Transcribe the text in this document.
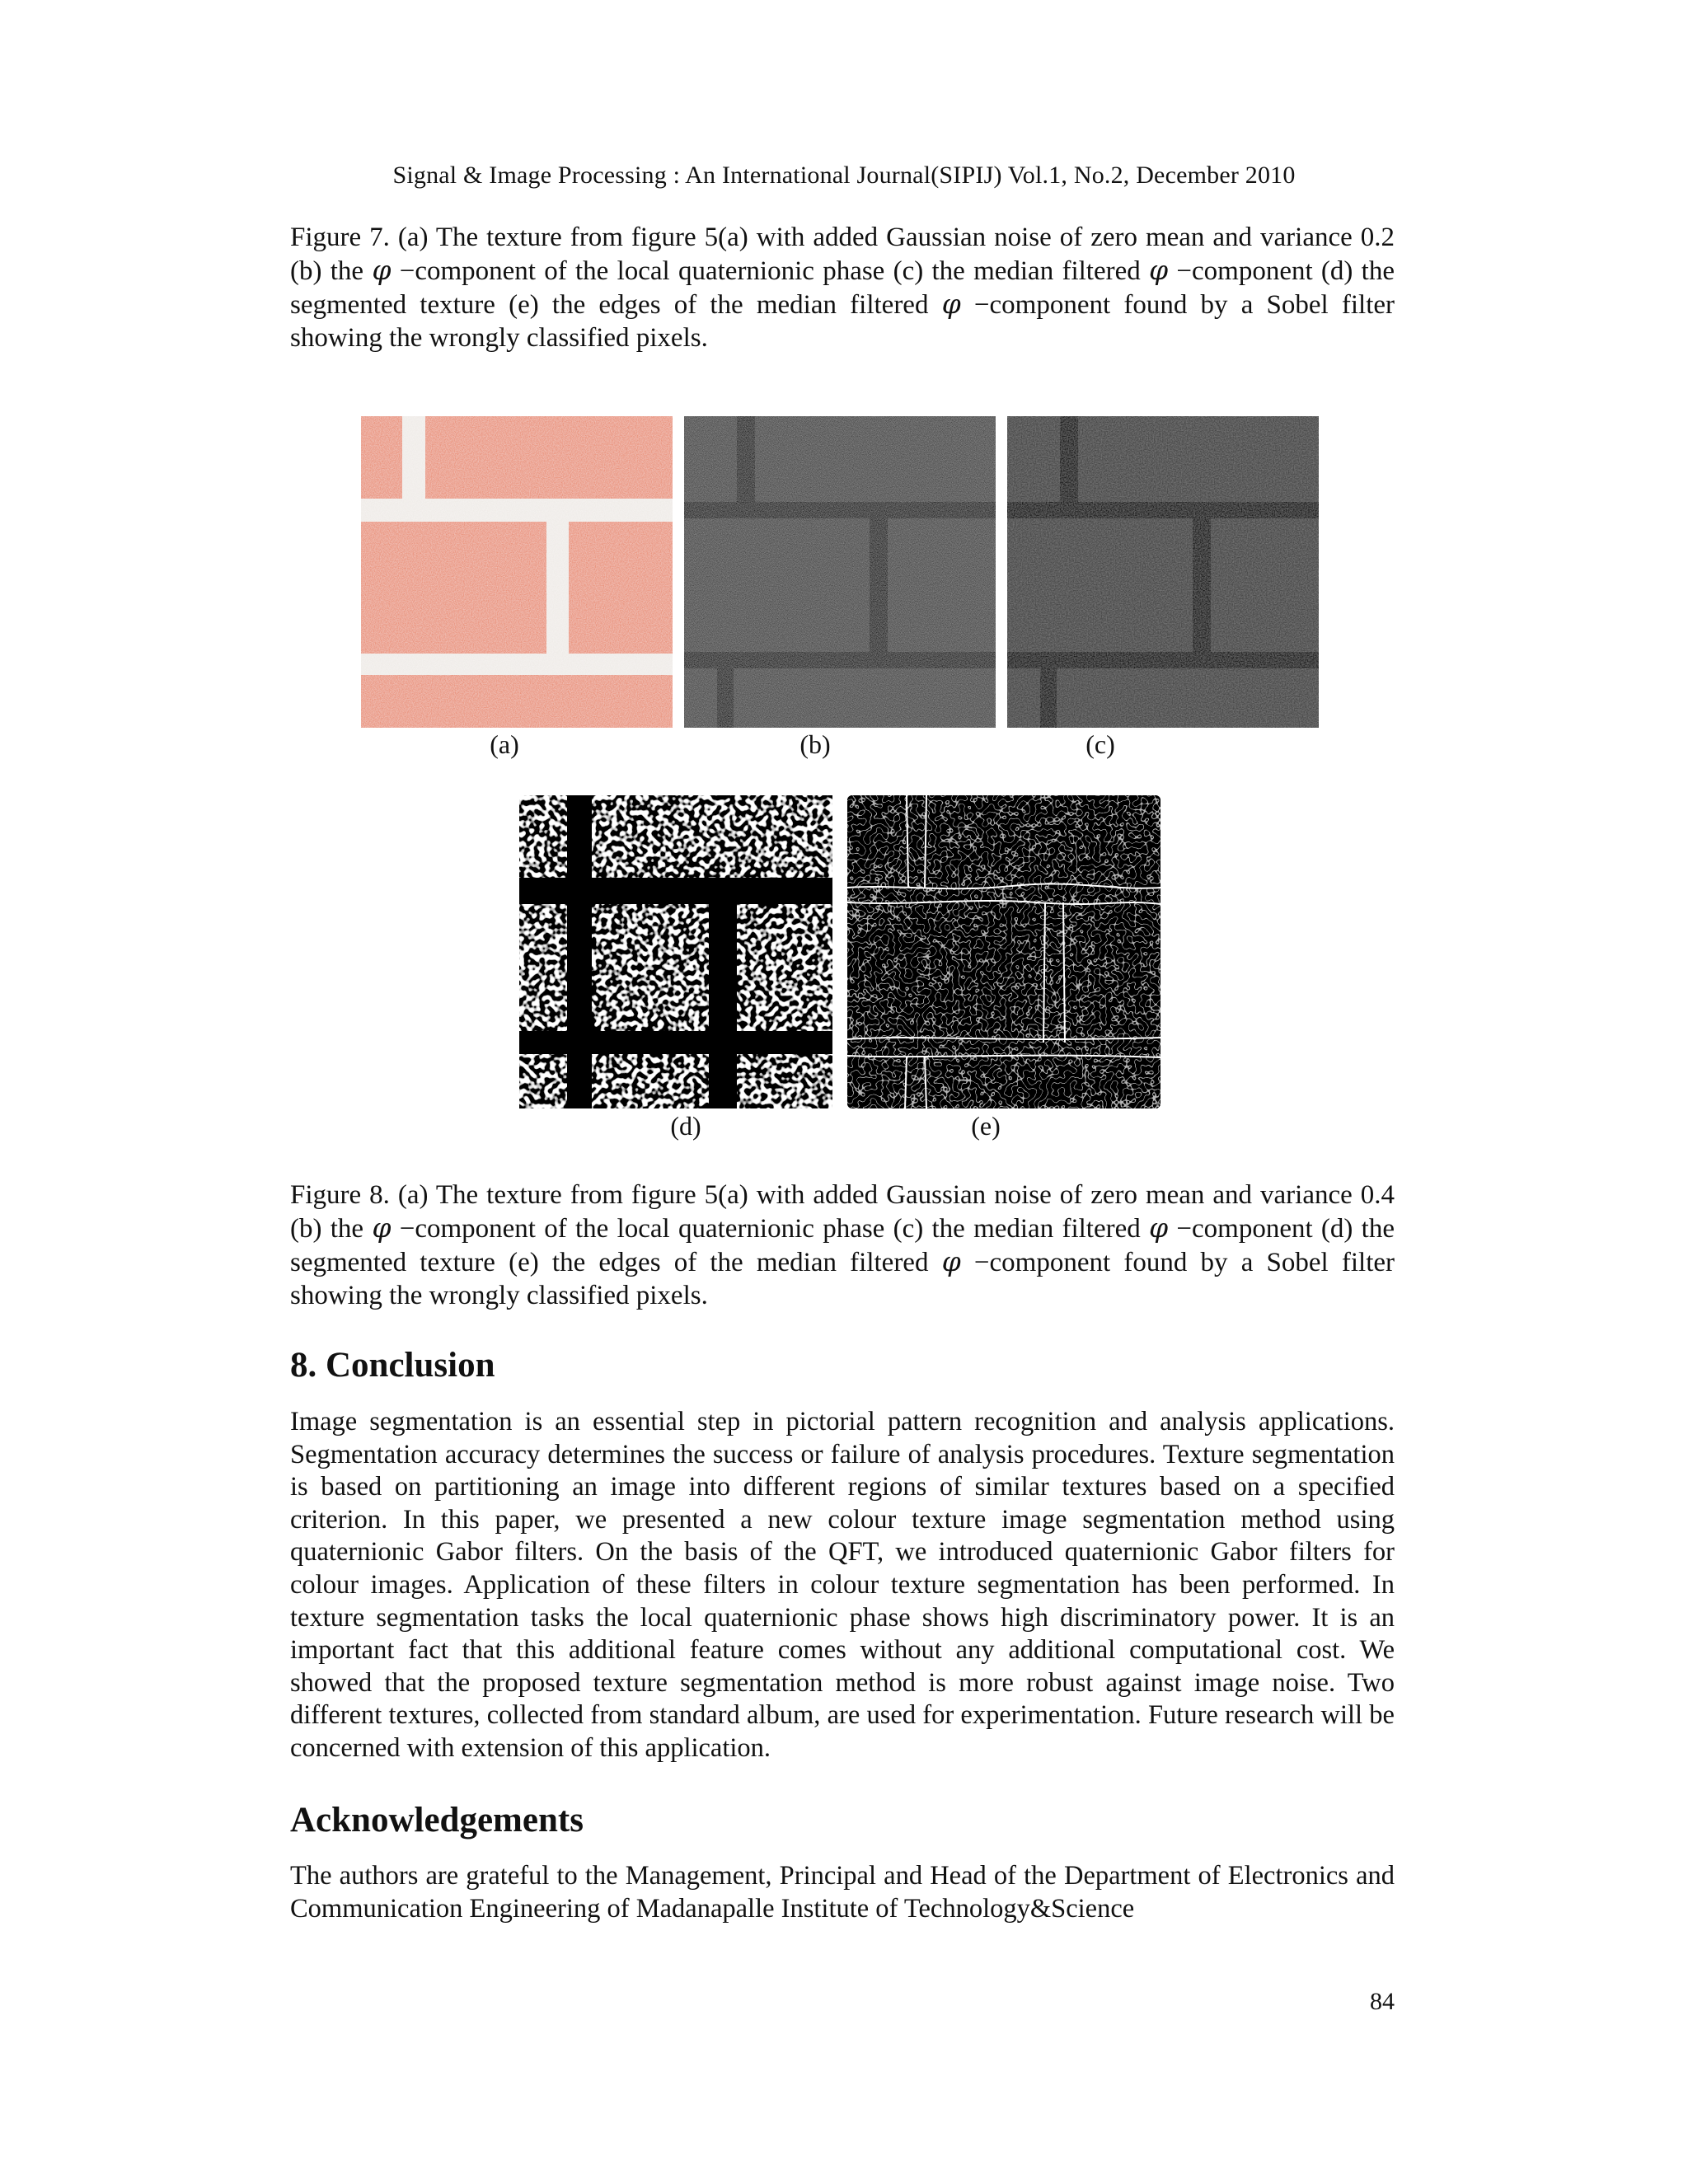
Signal & Image Processing : An International Journal(SIPIJ) Vol.1, No.2, December 2010
Figure 7. (a) The texture from figure 5(a) with added Gaussian noise of zero mean and variance 0.2 (b) the φ −component of the local quaternionic phase (c) the median filtered φ −component (d) the segmented texture (e) the edges of the median filtered φ −component found by a Sobel filter showing the wrongly classified pixels.
(a)	(b)	(c)
(d)	(e)
Figure 8. (a) The texture from figure 5(a) with added Gaussian noise of zero mean and variance 0.4 (b) the φ −component of the local quaternionic phase (c) the median filtered φ −component (d) the segmented texture (e) the edges of the median filtered φ −component found by a Sobel filter showing the wrongly classified pixels.
8. Conclusion
Image segmentation is an essential step in pictorial pattern recognition and analysis applications. Segmentation accuracy determines the success or failure of analysis procedures. Texture segmentation is based on partitioning an image into different regions of similar textures based on a specified criterion. In this paper, we presented a new colour texture image segmentation method using quaternionic Gabor filters. On the basis of the QFT, we introduced quaternionic Gabor filters for colour images. Application of these filters in colour texture segmentation has been performed. In texture segmentation tasks the local quaternionic phase shows high discriminatory power. It is an important fact that this additional feature comes without any additional computational cost. We showed that the proposed texture segmentation method is more robust against image noise. Two different textures, collected from standard album, are used for experimentation. Future research will be concerned with extension of this application.
Acknowledgements
The authors are grateful to the Management, Principal and Head of the Department of Electronics and Communication Engineering of Madanapalle Institute of Technology&Science
84
